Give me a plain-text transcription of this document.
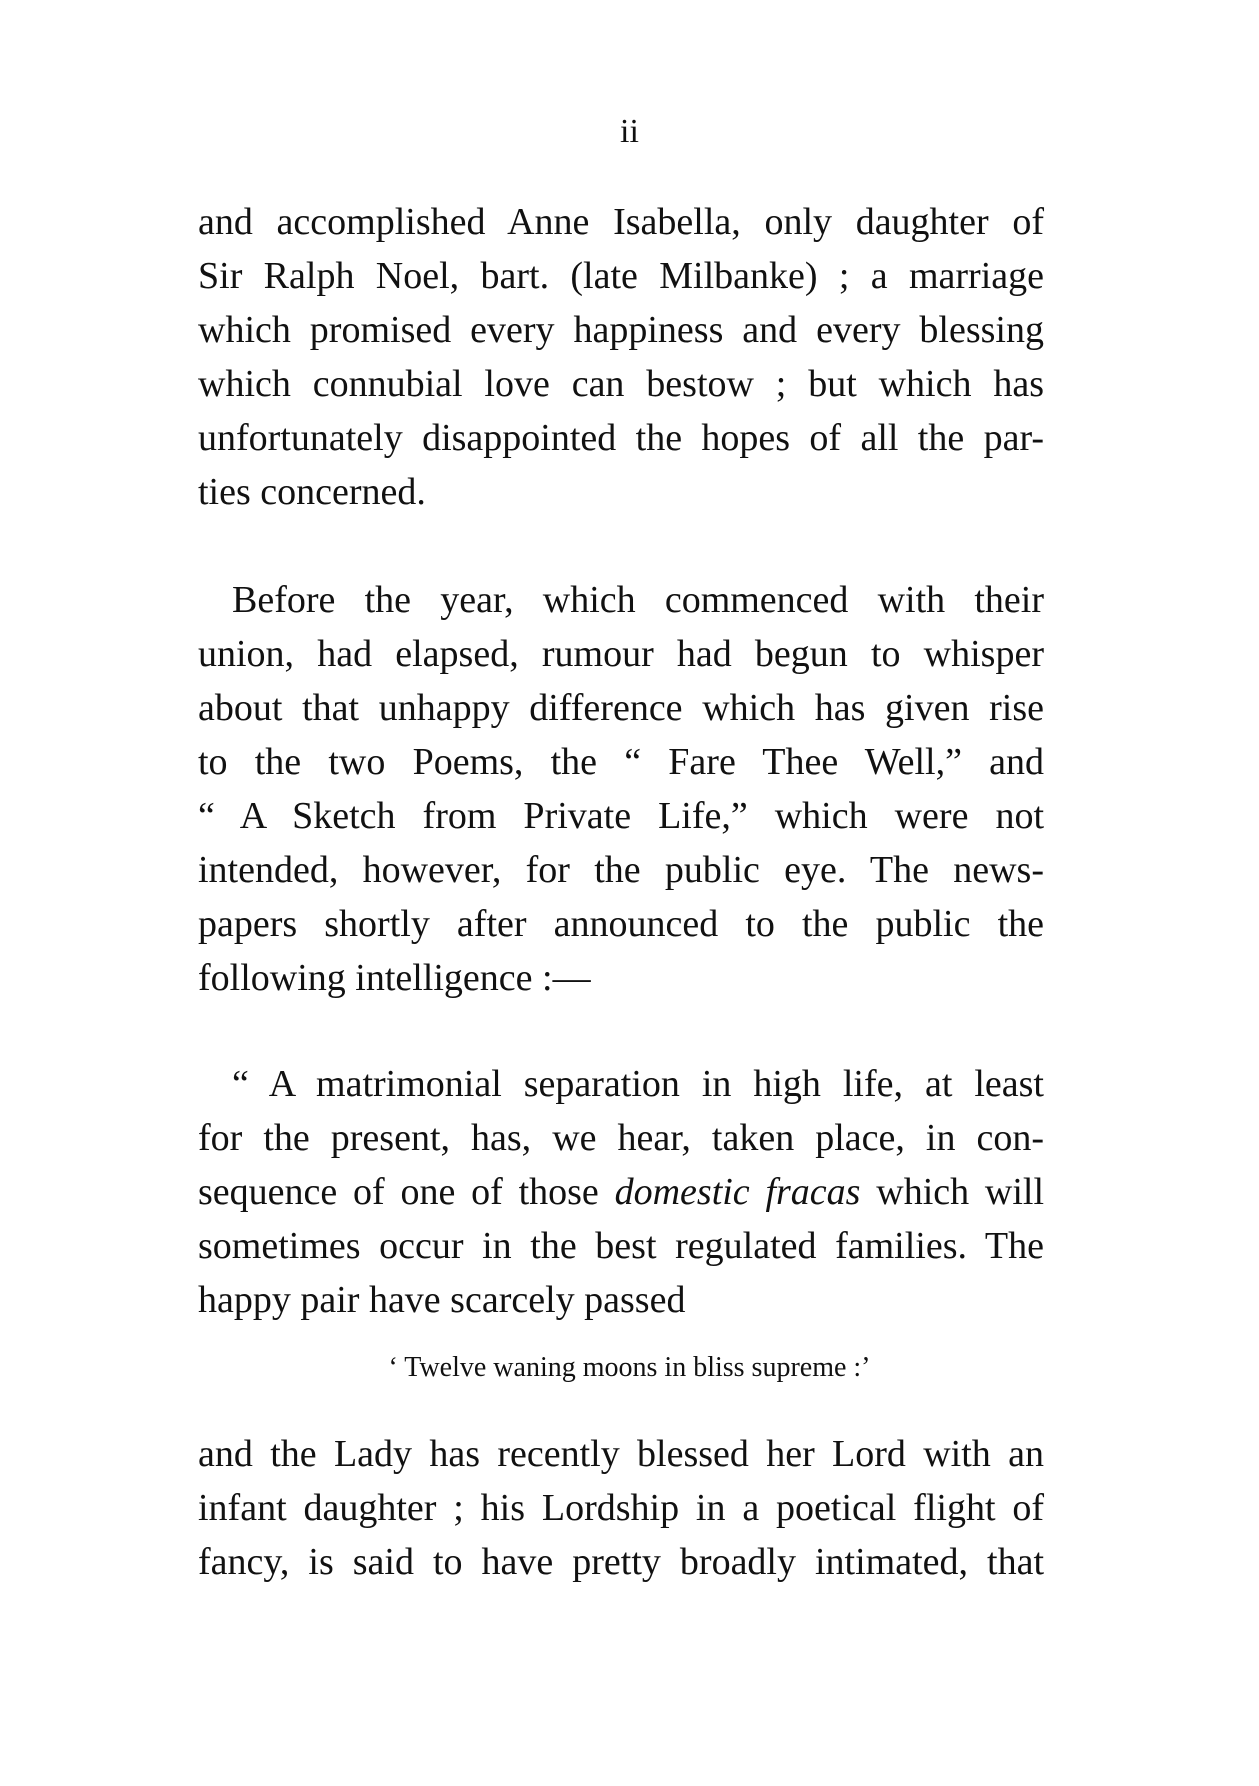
ii
and accomplished Anne Isabella, only daughter of
Sir Ralph Noel, bart. (late Milbanke) ; a marriage
which promised every happiness and every blessing
which connubial love can bestow ; but which has
unfortunately disappointed the hopes of all the par-
ties concerned.
Before the year, which commenced with their
union, had elapsed, rumour had begun to whisper
about that unhappy difference which has given rise
to the two Poems, the “ Fare Thee Well,” and
“ A Sketch from Private Life,” which were not
intended, however, for the public eye. The news-
papers shortly after announced to the public the
following intelligence :—
“ A matrimonial separation in high life, at least
for the present, has, we hear, taken place, in con-
sequence of one of those domestic fracas which will
sometimes occur in the best regulated families. The
happy pair have scarcely passed
‘ Twelve waning moons in bliss supreme :’
and the Lady has recently blessed her Lord with an
infant daughter ; his Lordship in a poetical flight of
fancy, is said to have pretty broadly intimated, that
